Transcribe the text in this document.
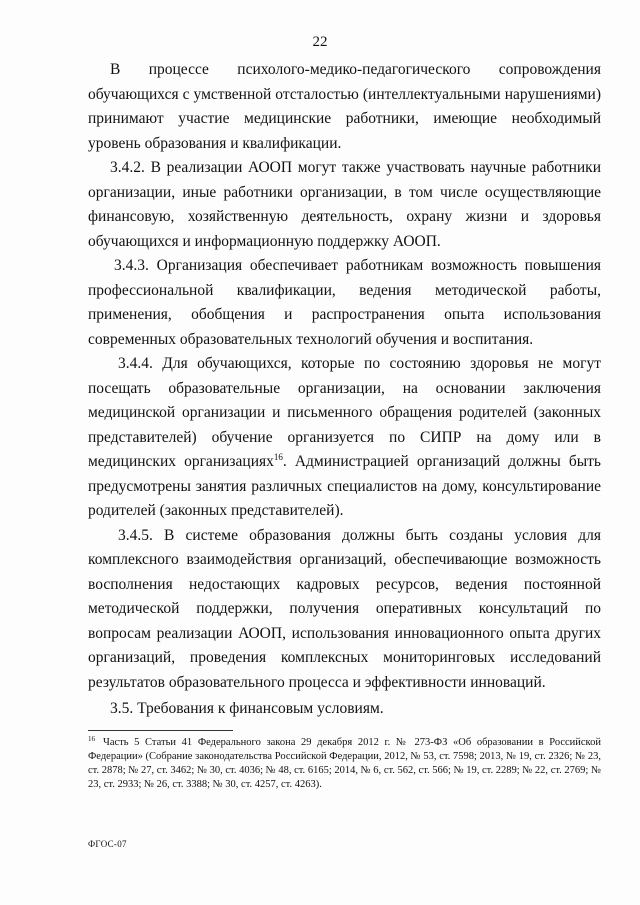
22

В процессе психолого-медико-педагогического сопровождения обучающихся с умственной отсталостью (интеллектуальными нарушениями) принимают участие медицинские работники, имеющие необходимый уровень образования и квалификации.

3.4.2. В реализации АООП могут также участвовать научные работники организации, иные работники организации, в том числе осуществляющие финансовую, хозяйственную деятельность, охрану жизни и здоровья обучающихся и информационную поддержку АООП.

3.4.3. Организация обеспечивает работникам возможность повышения профессиональной квалификации, ведения методической работы, применения, обобщения и распространения опыта использования современных образовательных технологий обучения и воспитания.

3.4.4. Для обучающихся, которые по состоянию здоровья не могут посещать образовательные организации, на основании заключения медицинской организации и письменного обращения родителей (законных представителей) обучение организуется по СИПР на дому или в медицинских организациях$^{16}$. Администрацией организаций должны быть предусмотрены занятия различных специалистов на дому, консультирование родителей (законных представителей).

3.4.5. В системе образования должны быть созданы условия для комплексного взаимодействия организаций, обеспечивающие возможность восполнения недостающих кадровых ресурсов, ведения постоянной методической поддержки, получения оперативных консультаций по вопросам реализации АООП, использования инновационного опыта других организаций, проведения комплексных мониторинговых исследований результатов образовательного процесса и эффективности инноваций.

3.5. Требования к финансовым условиям.

$^{16}$ Часть 5 Статьи 41 Федерального закона 29 декабря 2012 г. № 273-ФЗ «Об образовании в Российской Федерации» (Собрание законодательства Российской Федерации, 2012, № 53, ст. 7598; 2013, № 19, ст. 2326; № 23, ст. 2878; № 27, ст. 3462; № 30, ст. 4036; № 48, ст. 6165; 2014, № 6, ст. 562, ст. 566; № 19, ст. 2289; № 22, ст. 2769; № 23, ст. 2933; № 26, ст. 3388; № 30, ст. 4257, ст. 4263).
ФГОС-07
